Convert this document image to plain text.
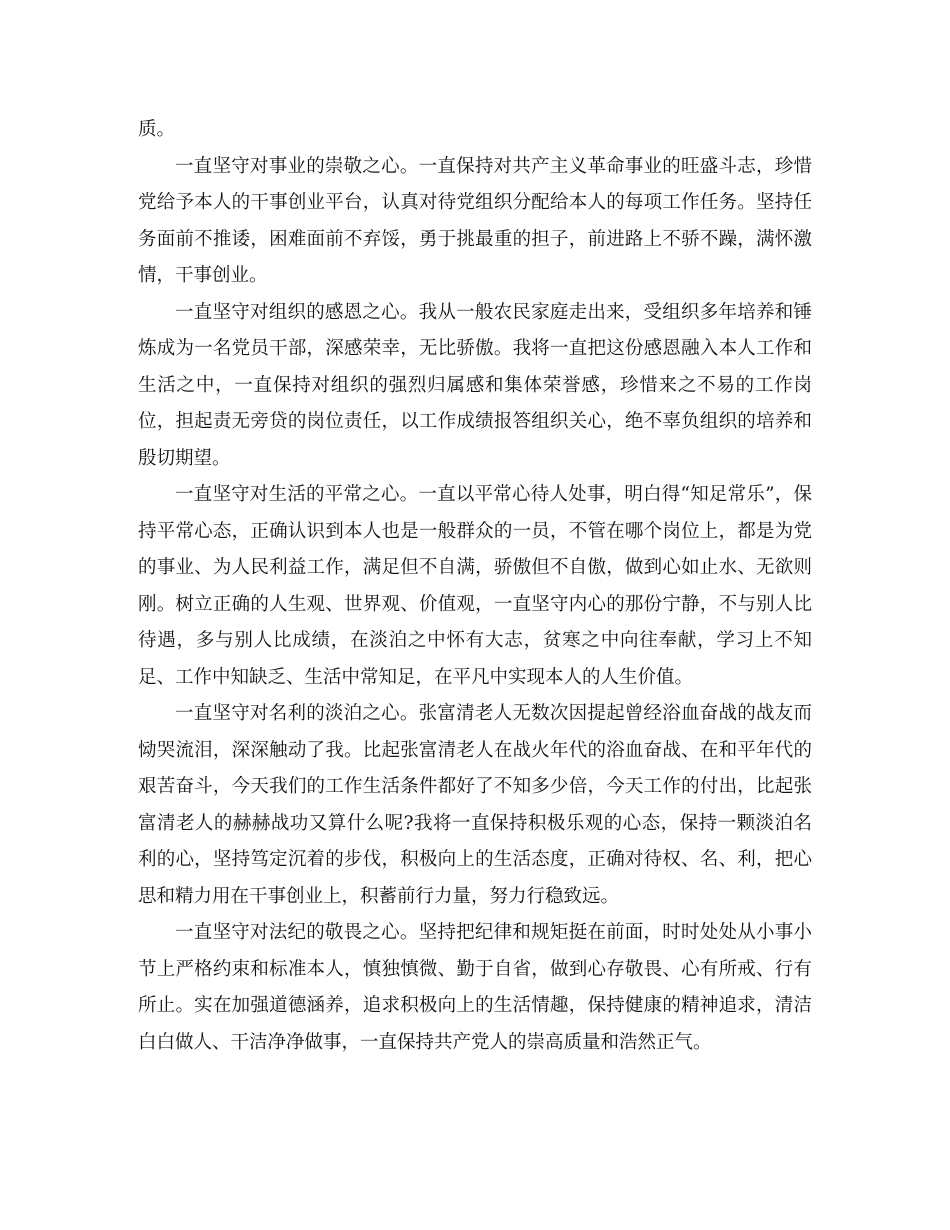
质。

一直坚守对事业的崇敬之心。一直保持对共产主义革命事业的旺盛斗志，珍惜党给予本人的干事创业平台，认真对待党组织分配给本人的每项工作任务。坚持任务面前不推诿，困难面前不弃馁，勇于挑最重的担子，前进路上不骄不躁，满怀激情，干事创业。

一直坚守对组织的感恩之心。我从一般农民家庭走出来，受组织多年培养和锤炼成为一名党员干部，深感荣幸，无比骄傲。我将一直把这份感恩融入本人工作和生活之中，一直保持对组织的强烈归属感和集体荣誉感，珍惜来之不易的工作岗位，担起责无旁贷的岗位责任，以工作成绩报答组织关心，绝不辜负组织的培养和殷切期望。

一直坚守对生活的平常之心。一直以平常心待人处事，明白得“知足常乐”，保持平常心态，正确认识到本人也是一般群众的一员，不管在哪个岗位上，都是为党的事业、为人民利益工作，满足但不自满，骄傲但不自傲，做到心如止水、无欲则刚。树立正确的人生观、世界观、价值观，一直坚守内心的那份宁静，不与别人比待遇，多与别人比成绩，在淡泊之中怀有大志，贫寒之中向往奉献，学习上不知足、工作中知缺乏、生活中常知足，在平凡中实现本人的人生价值。

一直坚守对名利的淡泊之心。张富清老人无数次因提起曾经浴血奋战的战友而恸哭流泪，深深触动了我。比起张富清老人在战火年代的浴血奋战、在和平年代的艰苦奋斗，今天我们的工作生活条件都好了不知多少倍，今天工作的付出，比起张富清老人的赫赫战功又算什么呢?我将一直保持积极乐观的心态，保持一颗淡泊名利的心，坚持笃定沉着的步伐，积极向上的生活态度，正确对待权、名、利，把心思和精力用在干事创业上，积蓄前行力量，努力行稳致远。

一直坚守对法纪的敬畏之心。坚持把纪律和规矩挺在前面，时时处处从小事小节上严格约束和标准本人，慎独慎微、勤于自省，做到心存敬畏、心有所戒、行有所止。实在加强道德涵养，追求积极向上的生活情趣，保持健康的精神追求，清洁白白做人、干洁净净做事，一直保持共产党人的崇高质量和浩然正气。
